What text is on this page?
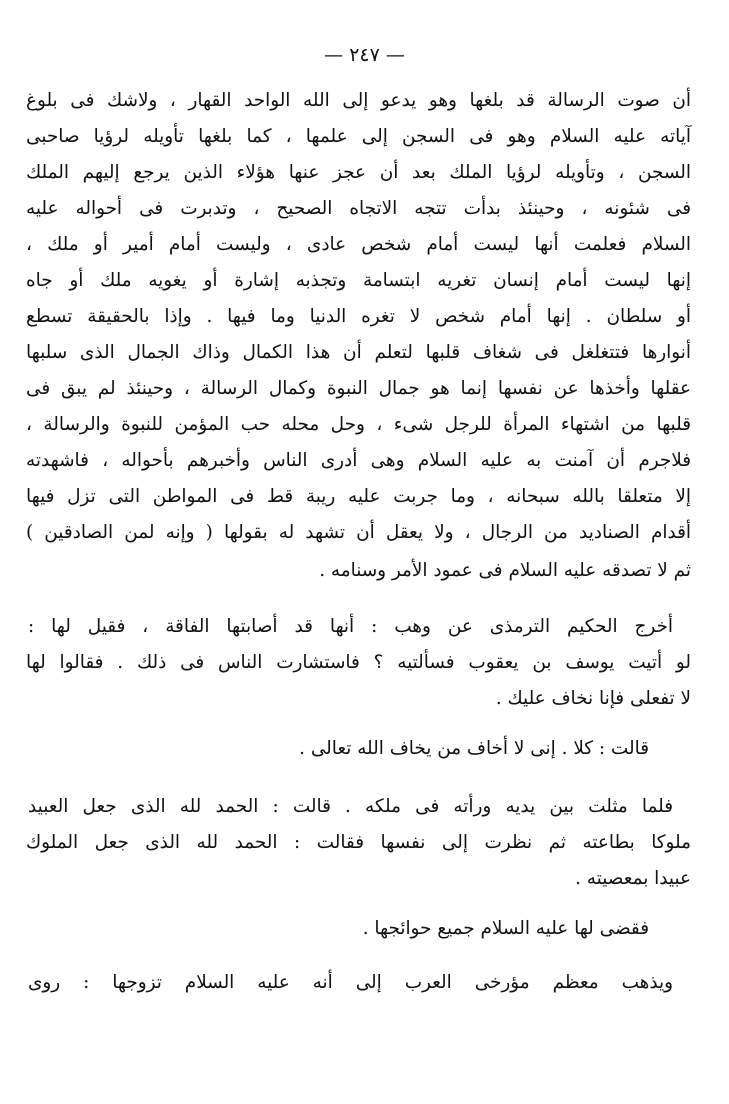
— ٢٤٧ —
أن صوت الرسالة قد بلغها وهو يدعو إلى الله الواحد القهار ، ولاشك فى بلوغ
آياته عليه السلام وهو فى السجن إلى علمها ، كما بلغها تأويله لرؤيا صاحبى
السجن ، وتأويله لرؤيا الملك بعد أن عجز عنها هؤلاء الذين يرجع إليهم الملك
فى شئونه ، وحينئذ بدأت تتجه الاتجاه الصحيح ، وتدبرت فى أحواله عليه
السلام فعلمت أنها ليست أمام شخص عادى ، وليست أمام أمير أو ملك ،
إنها ليست أمام إنسان تغريه ابتسامة وتجذبه إشارة أو يغويه ملك أو جاه
أو سلطان . إنها أمام شخص لا تغره الدنيا وما فيها . وإذا بالحقيقة تسطع
أنوارها فتتغلغل فى شغاف قلبها لتعلم أن هذا الكمال وذاك الجمال الذى سلبها
عقلها وأخذها عن نفسها إنما هو جمال النبوة وكمال الرسالة ، وحينئذ لم يبق فى
قلبها من اشتهاء المرأة للرجل شىء ، وحل محله حب المؤمن للنبوة والرسالة ،
فلاجرم أن آمنت به عليه السلام وهى أدرى الناس وأخبرهم بأحواله ، فاشهدته
إلا متعلقا بالله سبحانه ، وما جربت عليه ريبة قط فى المواطن التى تزل فيها
أقدام الصناديد من الرجال ، ولا يعقل أن تشهد له بقولها ( وإنه لمن الصادقين )
ثم لا تصدقه عليه السلام فى عمود الأمر وسنامه .
أخرج الحكيم الترمذى عن وهب : أنها قد أصابتها الفاقة ، فقيل لها :
لو أتيت يوسف بن يعقوب فسألتيه ؟ فاستشارت الناس فى ذلك . فقالوا لها
لا تفعلى فإنا نخاف عليك .
قالت : كلا . إنى لا أخاف من يخاف الله تعالى .
فلما مثلت بين يديه ورأته فى ملكه . قالت : الحمد لله الذى جعل العبيد
ملوكا بطاعته ثم نظرت إلى نفسها فقالت : الحمد لله الذى جعل الملوك
عبيدا بمعصيته .
فقضى لها عليه السلام جميع حوائجها .
ويذهب معظم مؤرخى العرب إلى أنه عليه السلام تزوجها : روى
